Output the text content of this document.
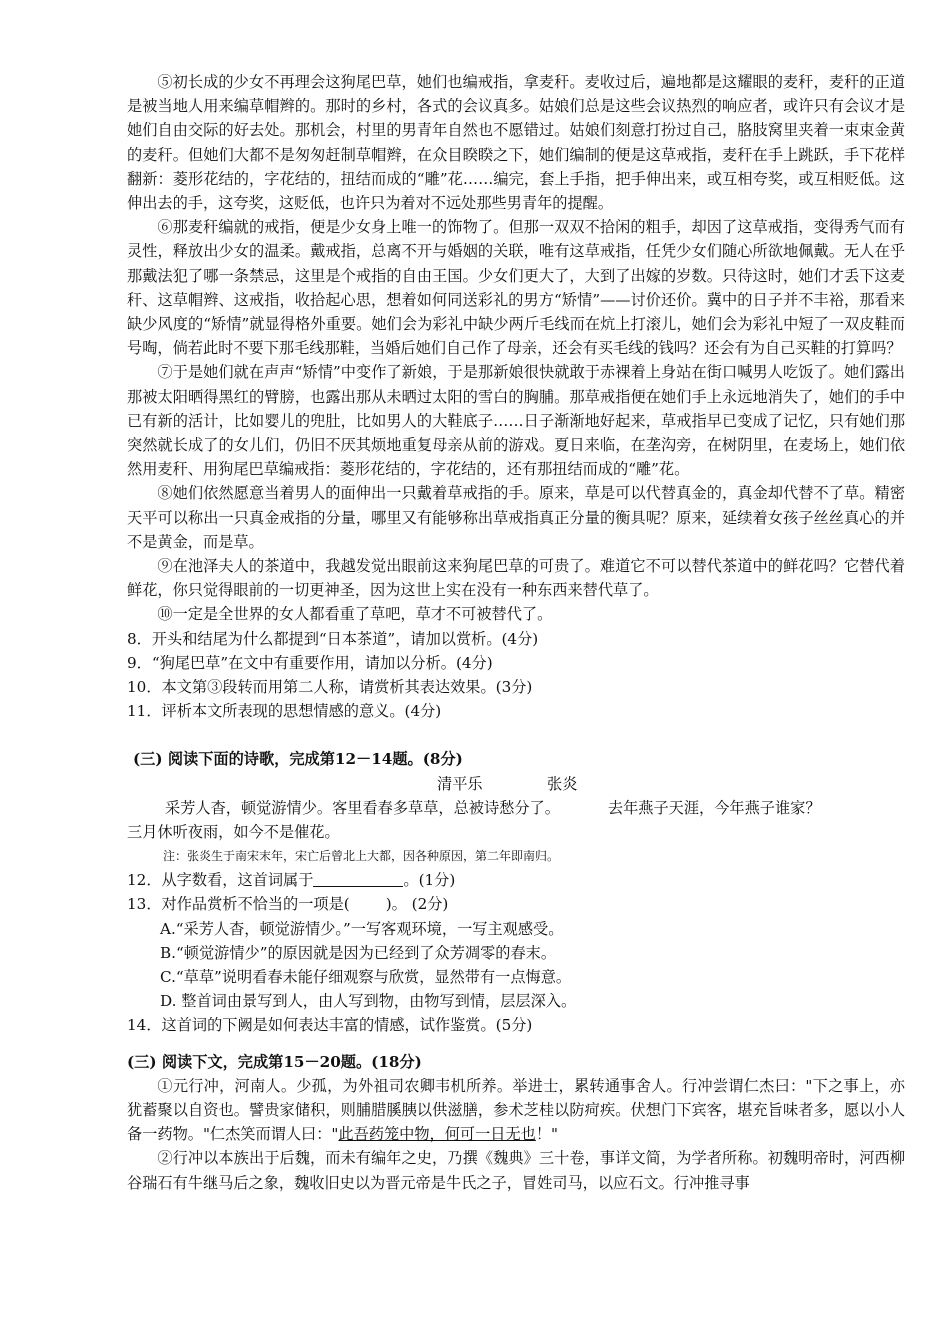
⑤初长成的少女不再理会这狗尾巴草，她们也编戒指，拿麦秆。麦收过后，遍地都是这耀眼的麦秆，麦秆的正道是被当地人用来编草帽辫的。那时的乡村，各式的会议真多。姑娘们总是这些会议热烈的响应者，或许只有会议才是她们自由交际的好去处。那机会，村里的男青年自然也不愿错过。姑娘们刻意打扮过自己，胳肢窝里夹着一束束金黄的麦秆。但她们大都不是匆匆赶制草帽辫，在众目睽睽之下，她们编制的便是这草戒指，麦秆在手上跳跃，手下花样翻新：菱形花结的，字花结的，扭结而成的“雕”花……编完，套上手指，把手伸出来，或互相夸奖，或互相贬低。这伸出去的手，这夸奖，这贬低，也许只为着对不远处那些男青年的提醒。

⑥那麦秆编就的戒指，便是少女身上唯一的饰物了。但那一双双不拾闲的粗手，却因了这草戒指，变得秀气而有灵性，释放出少女的温柔。戴戒指，总离不开与婚姻的关联，唯有这草戒指，任凭少女们随心所欲地佩戴。无人在乎那戴法犯了哪一条禁忌，这里是个戒指的自由王国。少女们更大了，大到了出嫁的岁数。只待这时，她们才丢下这麦秆、这草帽辫、这戒指，收拾起心思，想着如何同送彩礼的男方“矫情”——讨价还价。冀中的日子并不丰裕，那看来缺少风度的“矫情”就显得格外重要。她们会为彩礼中缺少两斤毛线而在炕上打滚儿，她们会为彩礼中短了一双皮鞋而号啕，倘若此时不要下那毛线那鞋，当婚后她们自己作了母亲，还会有买毛线的钱吗？还会有为自己买鞋的打算吗？

⑦于是她们就在声声“矫情”中变作了新娘，于是那新娘很快就敢于赤裸着上身站在街口喊男人吃饭了。她们露出那被太阳晒得黑红的臂膀，也露出那从未晒过太阳的雪白的胸脯。那草戒指便在她们手上永远地消失了，她们的手中已有新的活计，比如婴儿的兜肚，比如男人的大鞋底子……日子渐渐地好起来，草戒指早已变成了记忆，只有她们那突然就长成了的女儿们，仍旧不厌其烦地重复母亲从前的游戏。夏日来临，在垄沟旁，在树阴里，在麦场上，她们依然用麦秆、用狗尾巴草编戒指：菱形花结的，字花结的，还有那扭结而成的“雕”花。

⑧她们依然愿意当着男人的面伸出一只戴着草戒指的手。原来，草是可以代替真金的，真金却代替不了草。精密天平可以称出一只真金戒指的分量，哪里又有能够称出草戒指真正分量的衡具呢？原来，延续着女孩子丝丝真心的并不是黄金，而是草。

⑨在池泽夫人的茶道中，我越发觉出眼前这来狗尾巴草的可贵了。难道它不可以替代茶道中的鲜花吗？它替代着鲜花，你只觉得眼前的一切更神圣，因为这世上实在没有一种东西来替代草了。

⑩一定是全世界的女人都看重了草吧，草才不可被替代了。

8．开头和结尾为什么都提到“日本茶道”，请加以赏析。(4分)

9．“狗尾巴草”在文中有重要作用，请加以分析。(4分)

10．本文第③段转而用第二人称，请赏析其表达效果。(3分)

11．评析本文所表现的思想情感的意义。(4分)

(三) 阅读下面的诗歌，完成第12－14题。(8分)

清平乐	张炎

采芳人杳，顿觉游情少。客里看春多草草，总被诗愁分了。	去年燕子天涯，今年燕子谁家？

三月休听夜雨，如今不是催花。

注：张炎生于南宋末年，宋亡后曾北上大都，因各种原因，第二年即南归。

12．从字数看，这首词属于	。(1分)

13．对作品赏析不恰当的一项是( )。 (2分)

A.“采芳人杳，顿觉游情少。”一写客观环境，一写主观感受。

B.“顿觉游情少”的原因就是因为已经到了众芳凋零的春末。

C.“草草”说明看春未能仔细观察与欣赏，显然带有一点悔意。

D. 整首词由景写到人，由人写到物，由物写到情，层层深入。

14．这首词的下阙是如何表达丰富的情感，试作鉴赏。(5分)

(三) 阅读下文，完成第15－20题。(18分)

①元行冲，河南人。少孤，为外祖司农卿韦机所养。举进士，累转通事舍人。行冲尝谓仁杰曰："下之事上，亦犹蓄聚以自资也。譬贵家储积，则脯腊膎胰以供滋膳，参术芝桂以防疴疾。伏想门下宾客，堪充旨味者多，愿以小人备一药物。"仁杰笑而谓人曰："此吾药笼中物，何可一日无也！"

②行冲以本族出于后魏，而未有编年之史，乃撰《魏典》三十卷，事详文简，为学者所称。初魏明帝时，河西柳谷瑞石有牛继马后之象，魏收旧史以为晋元帝是牛氏之子，冒姓司马，以应石文。行冲推寻事
